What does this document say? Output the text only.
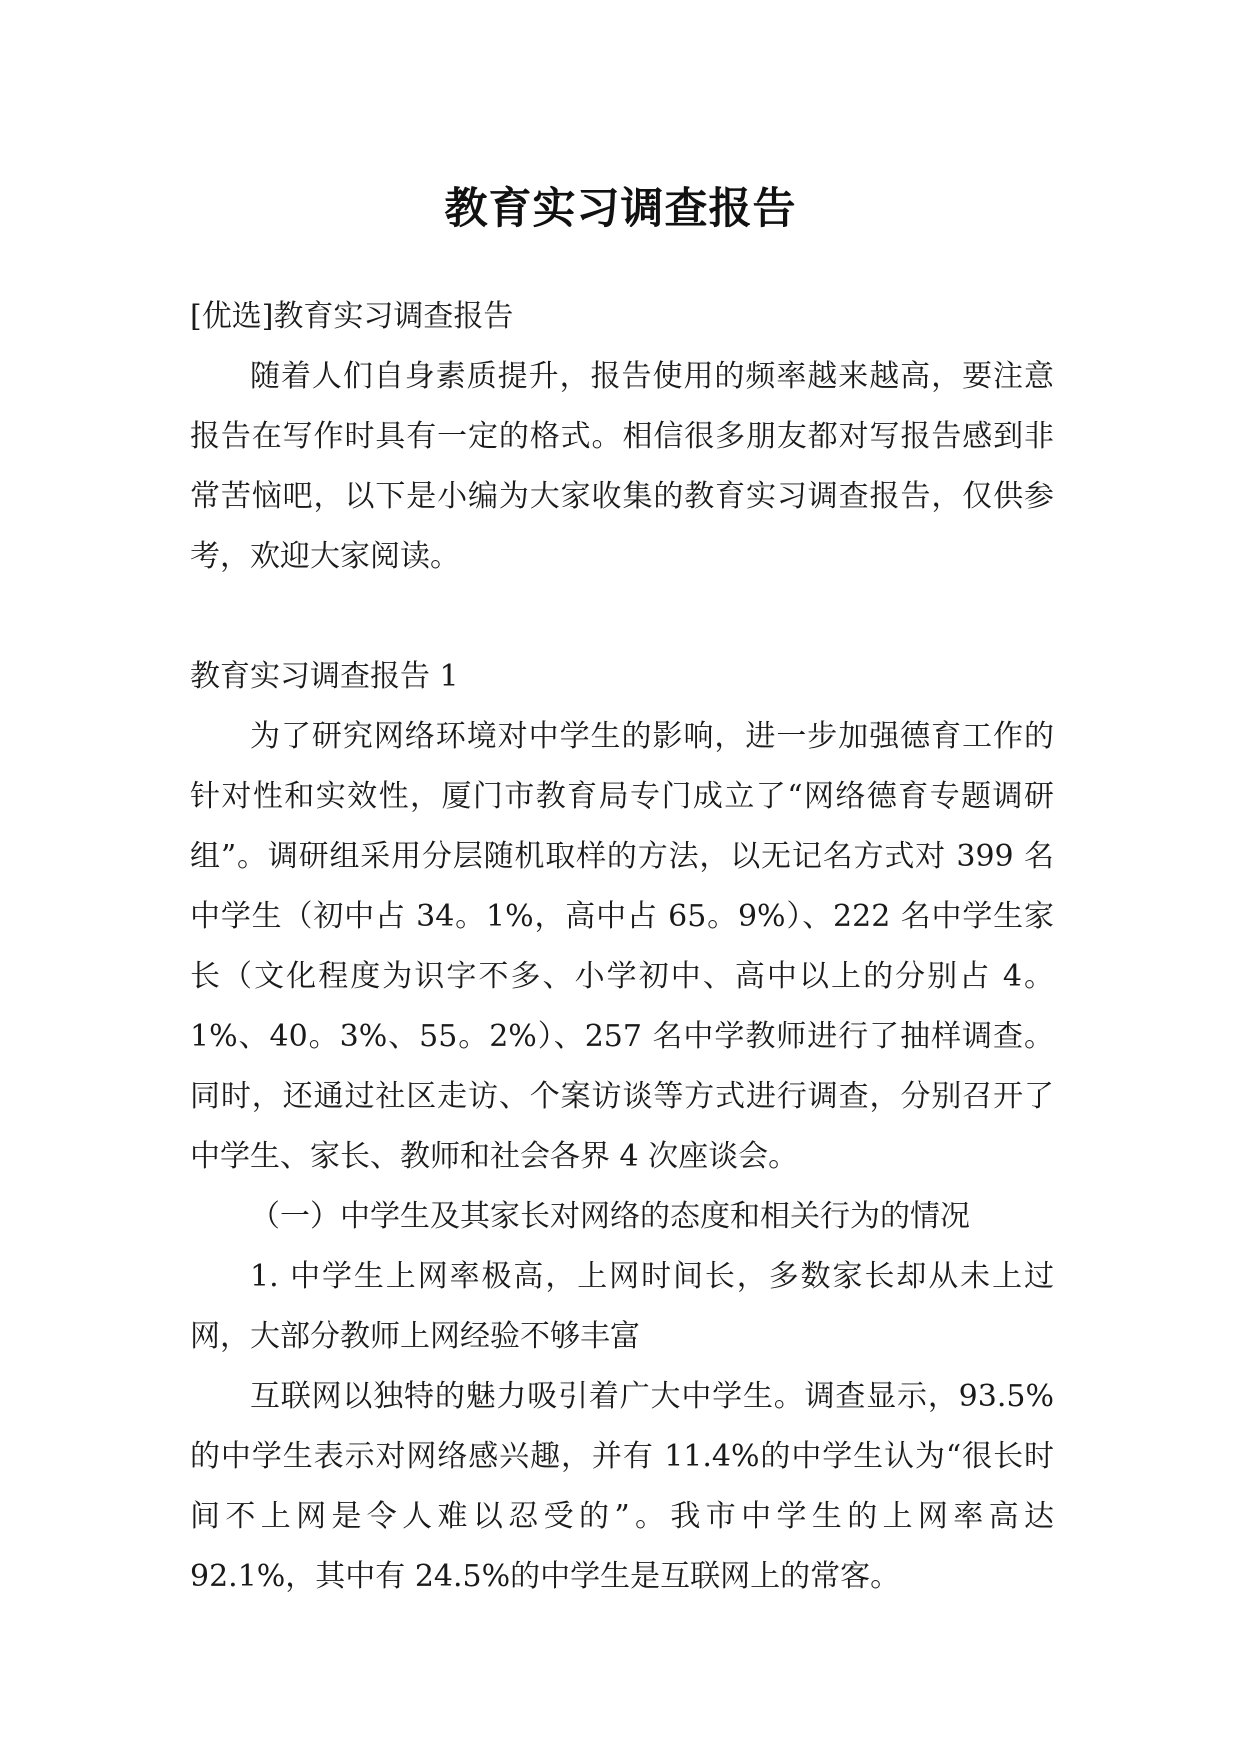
教育实习调查报告

[优选]教育实习调查报告

随着人们自身素质提升，报告使用的频率越来越高，要注意报告在写作时具有一定的格式。相信很多朋友都对写报告感到非常苦恼吧，以下是小编为大家收集的教育实习调查报告，仅供参考，欢迎大家阅读。

教育实习调查报告 1

为了研究网络环境对中学生的影响，进一步加强德育工作的针对性和实效性，厦门市教育局专门成立了“网络德育专题调研组”。调研组采用分层随机取样的方法，以无记名方式对 399 名中学生（初中占 34。1%，高中占 65。9%）、222 名中学生家长（文化程度为识字不多、小学初中、高中以上的分别占 4。1%、40。3%、55。2%）、257 名中学教师进行了抽样调查。同时，还通过社区走访、个案访谈等方式进行调查，分别召开了中学生、家长、教师和社会各界 4 次座谈会。

（一）中学生及其家长对网络的态度和相关行为的情况

1. 中学生上网率极高，上网时间长，多数家长却从未上过网，大部分教师上网经验不够丰富

互联网以独特的魅力吸引着广大中学生。调查显示，93.5%的中学生表示对网络感兴趣，并有 11.4%的中学生认为“很长时间不上网是令人难以忍受的”。我市中学生的上网率高达 92.1%，其中有 24.5%的中学生是互联网上的常客。
